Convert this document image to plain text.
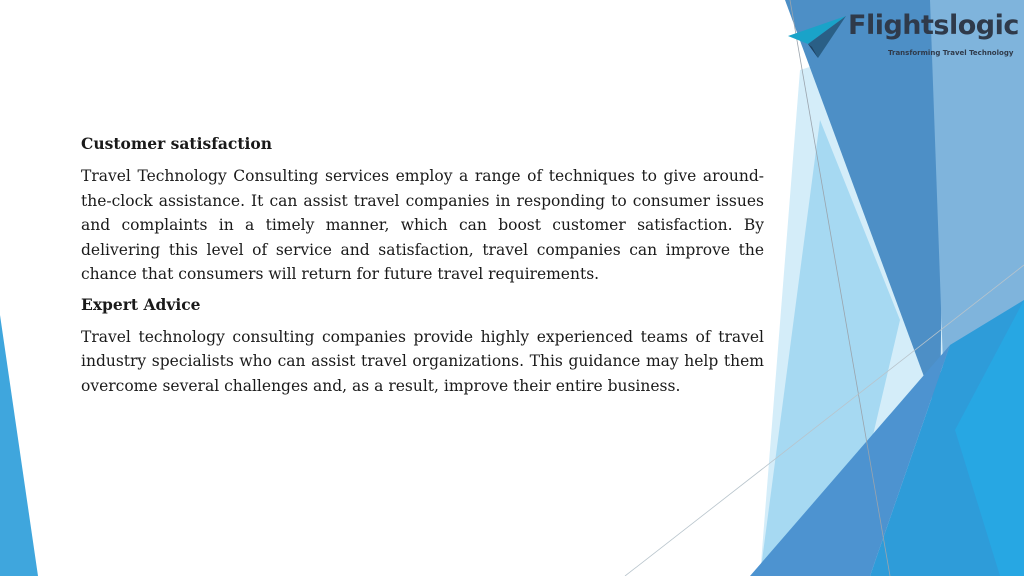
Flightslogic
Transforming Travel Technology

Customer satisfaction

Travel Technology Consulting services employ a range of techniques to give around-the-clock assistance. It can assist travel companies in responding to consumer issues and complaints in a timely manner, which can boost customer satisfaction. By delivering this level of service and satisfaction, travel companies can improve the chance that consumers will return for future travel requirements.

Expert Advice

Travel technology consulting companies provide highly experienced teams of travel industry specialists who can assist travel organizations. This guidance may help them overcome several challenges and, as a result, improve their entire business.
